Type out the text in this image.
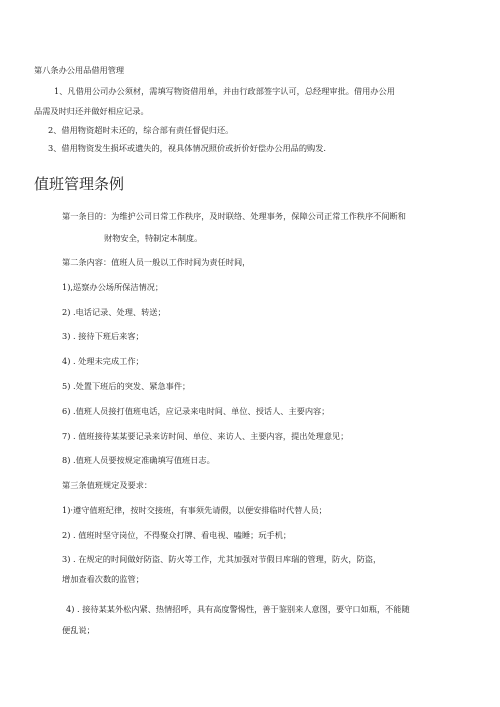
第八条办公用品借用管理

1、凡借用公司办公须材，需填写物资借用单，并由行政部签字认可，总经理审批。借用办公用

品需及时归还并做好相应记录。

2、借用物资超时未还的，综合部有责任督促归还。

3、借用物资发生损坏或遗失的，视具体情况照价或折价好偿办公用品的购发.

值班管理条例

第一条目的：为维护公司日常工作秩序，及时联络、处理事务，保障公司正常工作秩序不间断和

财物安全，特制定本制度。

第二条内容：值班人员一般以工作时间为责任时间，

1),巡察办公场所保洁情况；

2) .电话记录、处理、转送；

3) . 接待下班后来客；

4) . 处理未完成工作；

5) .处置下班后的突发、紧急事件；

6) .值班人员接打值班电话，应记录来电时间、单位、授话人、主要内容；

7) . 值班接待某某要记录来访时间、单位、来访人、主要内容，提出处理意见；

8) .值班人员要按规定准确填写值班日志。

第三条值班规定及要求：

1)·遵守值班纪律，按时交接班，有事须先请假，以便安排临时代替人员；

2) . 值班时坚守岗位，不得聚众打牌、看电视、嗑睡；玩手机；

3) . 在规定的时间做好防盗、防火等工作，尤其加强对节假日库瑞的管理，防火，防盗，

增加查看次数的监管；

4) . 接待某某外松内紧、热情招呼，具有高度警惕性，善于鉴别来人意图，要守口如瓶，不能随

便乱说；
